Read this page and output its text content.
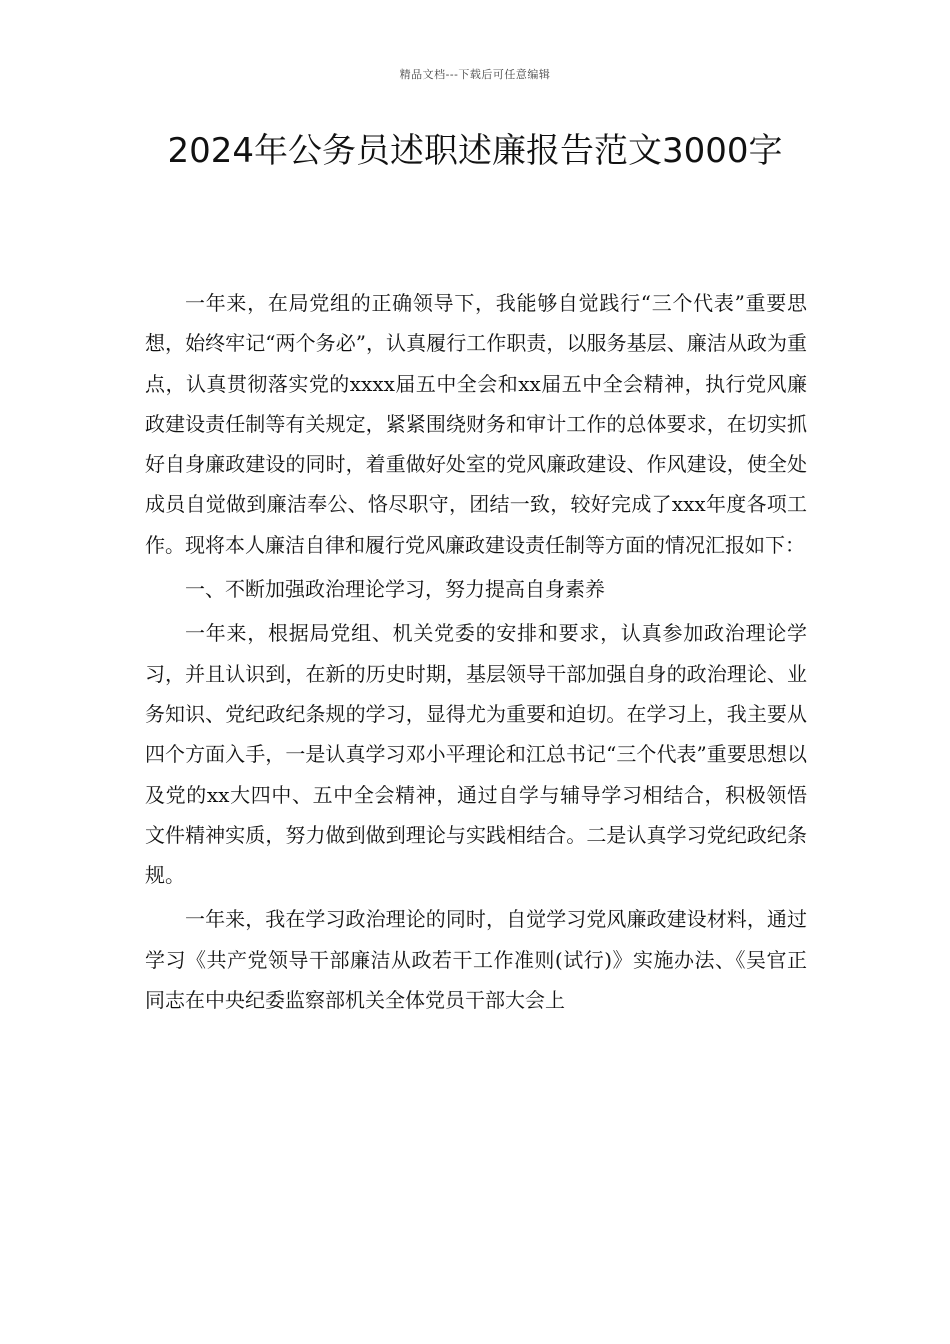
精品文档---下载后可任意编辑
2024年公务员述职述廉报告范文3000字

一年来，在局党组的正确领导下，我能够自觉践行“三个代表”重要思想，始终牢记“两个务必”，认真履行工作职责，以服务基层、廉洁从政为重点，认真贯彻落实党的xxxx届五中全会和xx届五中全会精神，执行党风廉政建设责任制等有关规定，紧紧围绕财务和审计工作的总体要求，在切实抓好自身廉政建设的同时，着重做好处室的党风廉政建设、作风建设，使全处成员自觉做到廉洁奉公、恪尽职守，团结一致，较好完成了xxx年度各项工作。现将本人廉洁自律和履行党风廉政建设责任制等方面的情况汇报如下：

一、不断加强政治理论学习，努力提高自身素养

一年来，根据局党组、机关党委的安排和要求，认真参加政治理论学习，并且认识到，在新的历史时期，基层领导干部加强自身的政治理论、业务知识、党纪政纪条规的学习，显得尤为重要和迫切。在学习上，我主要从四个方面入手，一是认真学习邓小平理论和江总书记“三个代表”重要思想以及党的xx大四中、五中全会精神，通过自学与辅导学习相结合，积极领悟文件精神实质，努力做到做到理论与实践相结合。二是认真学习党纪政纪条规。

一年来，我在学习政治理论的同时，自觉学习党风廉政建设材料，通过学习《共产党领导干部廉洁从政若干工作准则(试行)》实施办法、《吴官正同志在中央纪委监察部机关全体党员干部大会上
